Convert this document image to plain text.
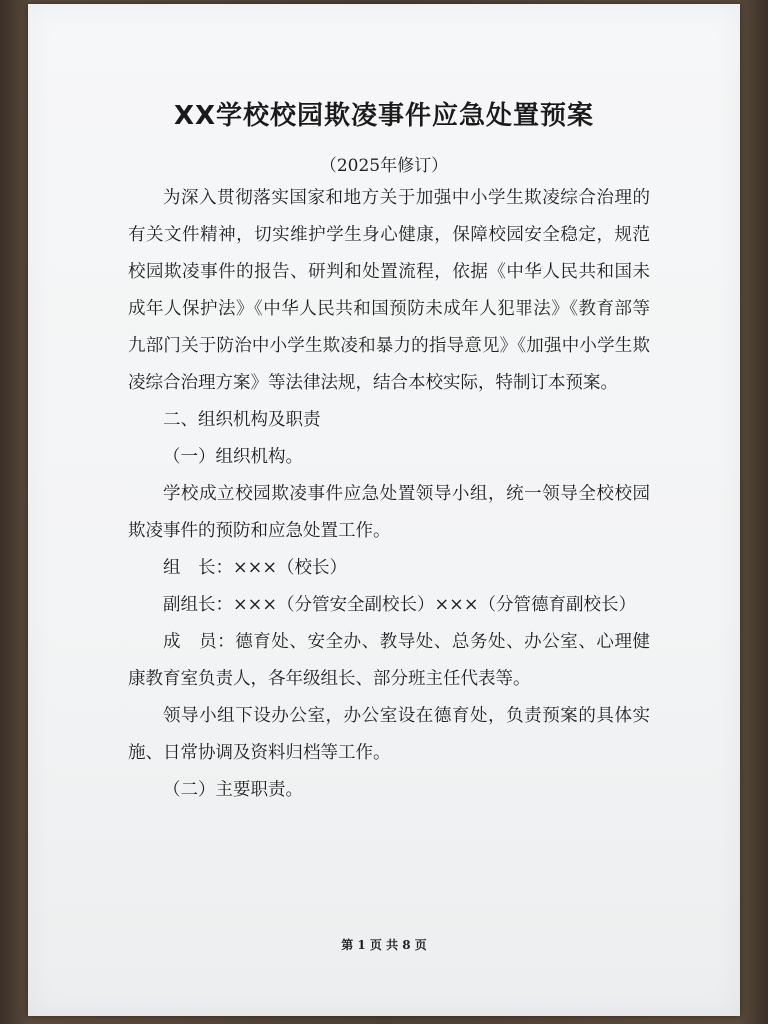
XX学校校园欺凌事件应急处置预案
（2025年修订）

为深入贯彻落实国家和地方关于加强中小学生欺凌综合治理的有关文件精神，切实维护学生身心健康，保障校园安全稳定，规范校园欺凌事件的报告、研判和处置流程，依据《中华人民共和国未成年人保护法》《中华人民共和国预防未成年人犯罪法》《教育部等九部门关于防治中小学生欺凌和暴力的指导意见》《加强中小学生欺凌综合治理方案》等法律法规，结合本校实际，特制订本预案。

二、组织机构及职责

（一）组织机构。

学校成立校园欺凌事件应急处置领导小组，统一领导全校校园欺凌事件的预防和应急处置工作。

组　长：×××（校长）

副组长：×××（分管安全副校长）×××（分管德育副校长）

成　员：德育处、安全办、教导处、总务处、办公室、心理健康教育室负责人，各年级组长、部分班主任代表等。

领导小组下设办公室，办公室设在德育处，负责预案的具体实施、日常协调及资料归档等工作。

（二）主要职责。

第 1 页 共 8 页
